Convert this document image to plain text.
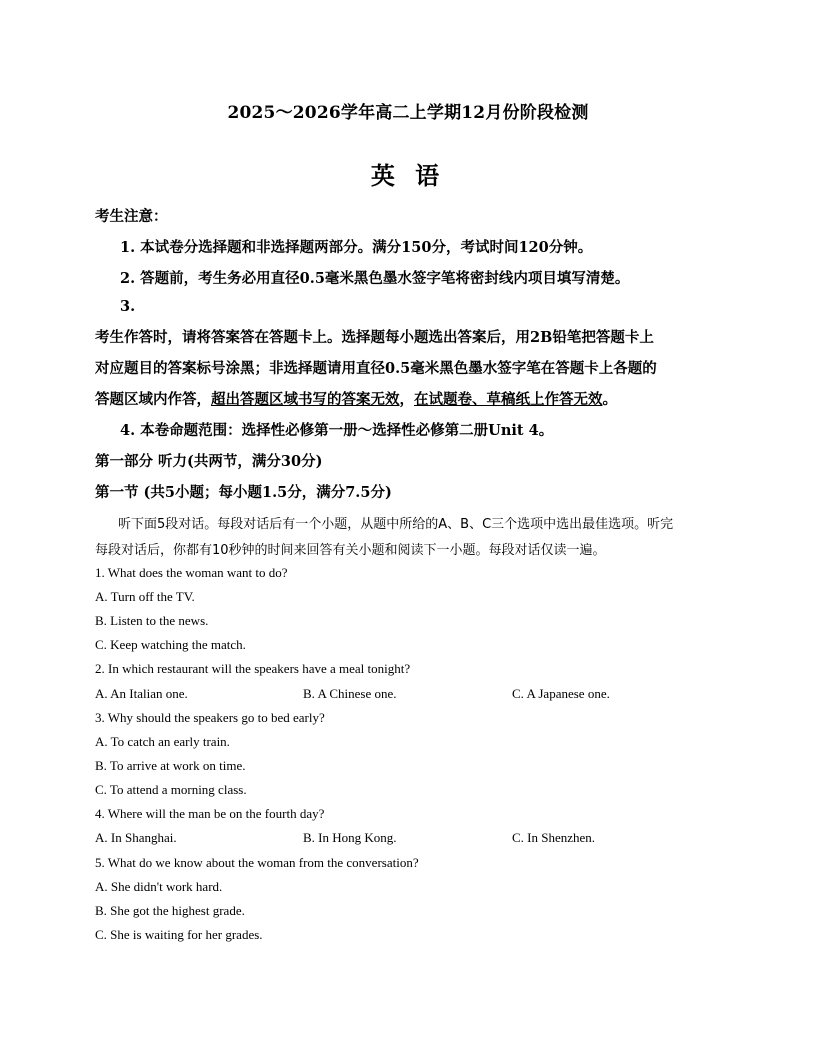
2025～2026学年高二上学期12月份阶段检测
英 语
考生注意：
1. 本试卷分选择题和非选择题两部分。满分150分，考试时间120分钟。
2. 答题前，考生务必用直径0.5毫米黑色墨水签字笔将密封线内项目填写清楚。
3.
考生作答时，请将答案答在答题卡上。选择题每小题选出答案后，用2B铅笔把答题卡上
对应题目的答案标号涂黑；非选择题请用直径0.5毫米黑色墨水签字笔在答题卡上各题的
答题区域内作答，超出答题区域书写的答案无效，在试题卷、草稿纸上作答无效。
4. 本卷命题范围：选择性必修第一册～选择性必修第二册Unit 4。
第一部分 听力(共两节，满分30分)
第一节 (共5小题；每小题1.5分，满分7.5分)
听下面5段对话。每段对话后有一个小题，从题中所给的A、B、C三个选项中选出最佳选项。听完
每段对话后，你都有10秒钟的时间来回答有关小题和阅读下一小题。每段对话仅读一遍。
1. What does the woman want to do?
A. Turn off the TV.
B. Listen to the news.
C. Keep watching the match.
2. In which restaurant will the speakers have a meal tonight?
A. An Italian one.	B. A Chinese one.	C. A Japanese one.
3. Why should the speakers go to bed early?
A. To catch an early train.
B. To arrive at work on time.
C. To attend a morning class.
4. Where will the man be on the fourth day?
A. In Shanghai.	B. In Hong Kong.	C. In Shenzhen.
5. What do we know about the woman from the conversation?
A. She didn't work hard.
B. She got the highest grade.
C. She is waiting for her grades.
